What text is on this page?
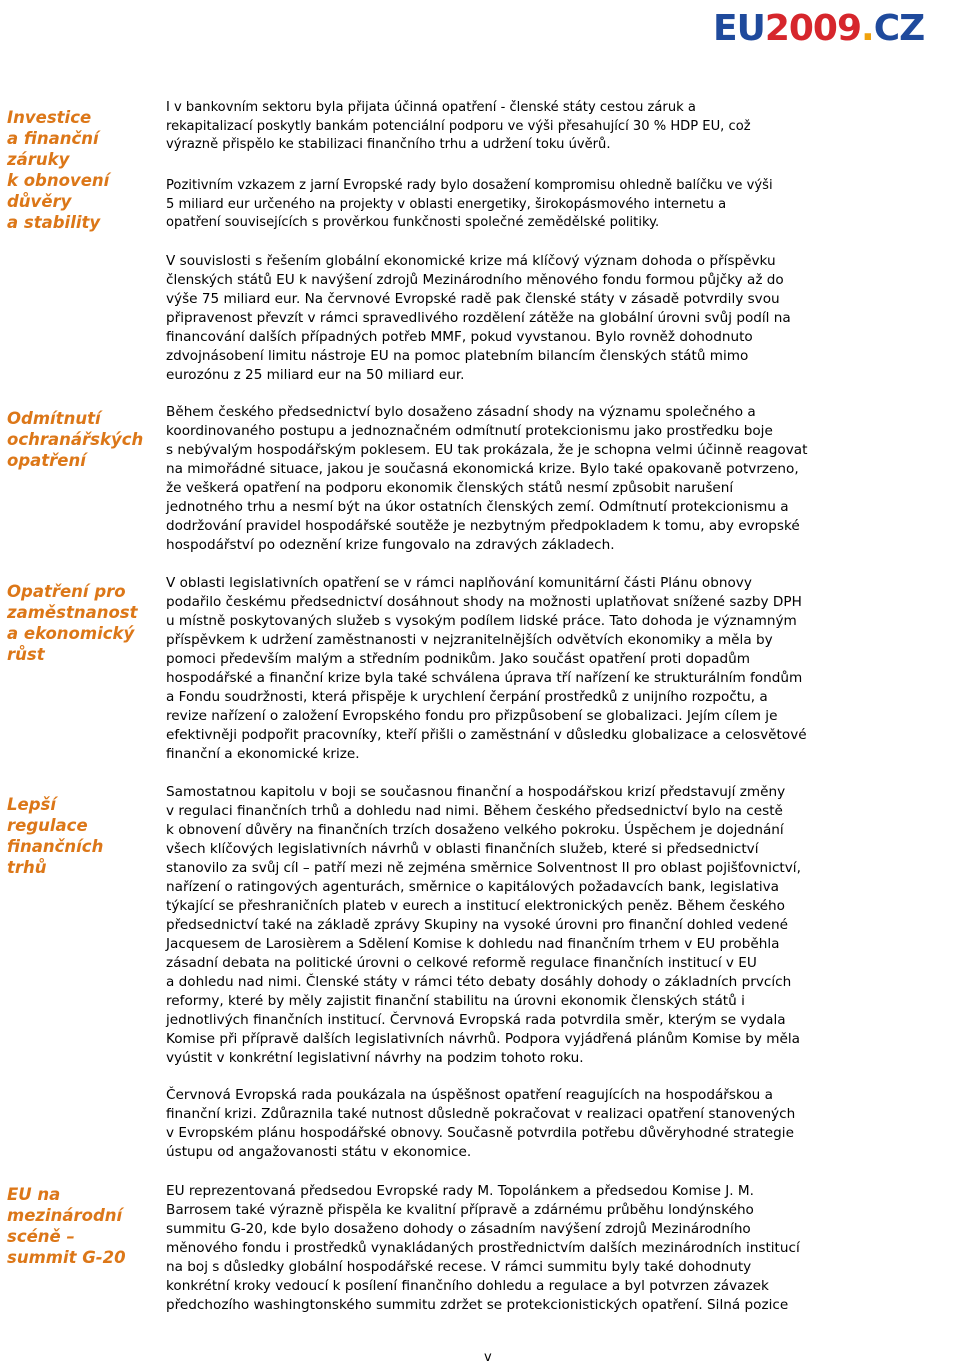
EU2009.CZ
Investice
a finanční
záruky
k obnovení
důvěry
a stability
Odmítnutí
ochranářských
opatření
Opatření pro
zaměstnanost
a ekonomický
růst
Lepší
regulace
finančních
trhů
EU na
mezinárodní
scéně –
summit G-20

I v bankovním sektoru byla přijata účinná opatření - členské státy cestou záruk a
rekapitalizací poskytly bankám potenciální podporu ve výši přesahující 30 % HDP EU, což
výrazně přispělo ke stabilizaci finančního trhu a udržení toku úvěrů.

Pozitivním vzkazem z jarní Evropské rady bylo dosažení kompromisu ohledně balíčku ve výši
5 miliard eur určeného na projekty v oblasti energetiky, širokopásmového internetu a
opatření souvisejících s prověrkou funkčnosti společné zemědělské politiky.

V souvislosti s řešením globální ekonomické krize má klíčový význam dohoda o příspěvku
členských států EU k navýšení zdrojů Mezinárodního měnového fondu formou půjčky až do
výše 75 miliard eur. Na červnové Evropské radě pak členské státy v zásadě potvrdily svou
připravenost převzít v rámci spravedlivého rozdělení zátěže na globální úrovni svůj podíl na
financování dalších případných potřeb MMF, pokud vyvstanou. Bylo rovněž dohodnuto
zdvojnásobení limitu nástroje EU na pomoc platebním bilancím členských států mimo
eurozónu z 25 miliard eur na 50 miliard eur.

Během českého předsednictví bylo dosaženo zásadní shody na významu společného a
koordinovaného postupu a jednoznačném odmítnutí protekcionismu jako prostředku boje
s nebývalým hospodářským poklesem. EU tak prokázala, že je schopna velmi účinně reagovat
na mimořádné situace, jakou je současná ekonomická krize. Bylo také opakovaně potvrzeno,
že veškerá opatření na podporu ekonomik členských států nesmí způsobit narušení
jednotného trhu a nesmí být na úkor ostatních členských zemí. Odmítnutí protekcionismu a
dodržování pravidel hospodářské soutěže je nezbytným předpokladem k tomu, aby evropské
hospodářství po odeznění krize fungovalo na zdravých základech.

V oblasti legislativních opatření se v rámci naplňování komunitární části Plánu obnovy
podařilo českému předsednictví dosáhnout shody na možnosti uplatňovat snížené sazby DPH
u místně poskytovaných služeb s vysokým podílem lidské práce. Tato dohoda je významným
příspěvkem k udržení zaměstnanosti v nejzranitelnějších odvětvích ekonomiky a měla by
pomoci především malým a středním podnikům. Jako součást opatření proti dopadům
hospodářské a finanční krize byla také schválena úprava tří nařízení ke strukturálním fondům
a Fondu soudržnosti, která přispěje k urychlení čerpání prostředků z unijního rozpočtu, a
revize nařízení o založení Evropského fondu pro přizpůsobení se globalizaci. Jejím cílem je
efektivněji podpořit pracovníky, kteří přišli o zaměstnání v důsledku globalizace a celosvětové
finanční a ekonomické krize.

Samostatnou kapitolu v boji se současnou finanční a hospodářskou krizí představují změny
v regulaci finančních trhů a dohledu nad nimi. Během českého předsednictví bylo na cestě
k obnovení důvěry na finančních trzích dosaženo velkého pokroku. Úspěchem je dojednání
všech klíčových legislativních návrhů v oblasti finančních služeb, které si předsednictví
stanovilo za svůj cíl – patří mezi ně zejména směrnice Solventnost II pro oblast pojišťovnictví,
nařízení o ratingových agenturách, směrnice o kapitálových požadavcích bank, legislativa
týkající se přeshraničních plateb v eurech a institucí elektronických peněz. Během českého
předsednictví také na základě zprávy Skupiny na vysoké úrovni pro finanční dohled vedené
Jacquesem de Larosièrem a Sdělení Komise k dohledu nad finančním trhem v EU proběhla
zásadní debata na politické úrovni o celkové reformě regulace finančních institucí v EU
a dohledu nad nimi. Členské státy v rámci této debaty dosáhly dohody o základních prvcích
reformy, které by měly zajistit finanční stabilitu na úrovni ekonomik členských států i
jednotlivých finančních institucí. Červnová Evropská rada potvrdila směr, kterým se vydala
Komise při přípravě dalších legislativních návrhů. Podpora vyjádřená plánům Komise by měla
vyústit v konkrétní legislativní návrhy na podzim tohoto roku.

Červnová Evropská rada poukázala na úspěšnost opatření reagujících na hospodářskou a
finanční krizi. Zdůraznila také nutnost důsledně pokračovat v realizaci opatření stanovených
v Evropském plánu hospodářské obnovy. Současně potvrdila potřebu důvěryhodné strategie
ústupu od angažovanosti státu v ekonomice.

EU reprezentovaná předsedou Evropské rady M. Topolánkem a předsedou Komise J. M.
Barrosem také výrazně přispěla ke kvalitní přípravě a zdárnému průběhu londýnského
summitu G-20, kde bylo dosaženo dohody o zásadním navýšení zdrojů Mezinárodního
měnového fondu i prostředků vynakládaných prostřednictvím dalších mezinárodních institucí
na boj s důsledky globální hospodářské recese. V rámci summitu byly také dohodnuty
konkrétní kroky vedoucí k posílení finančního dohledu a regulace a byl potvrzen závazek
předchozího washingtonského summitu zdržet se protekcionistických opatření. Silná pozice

v
